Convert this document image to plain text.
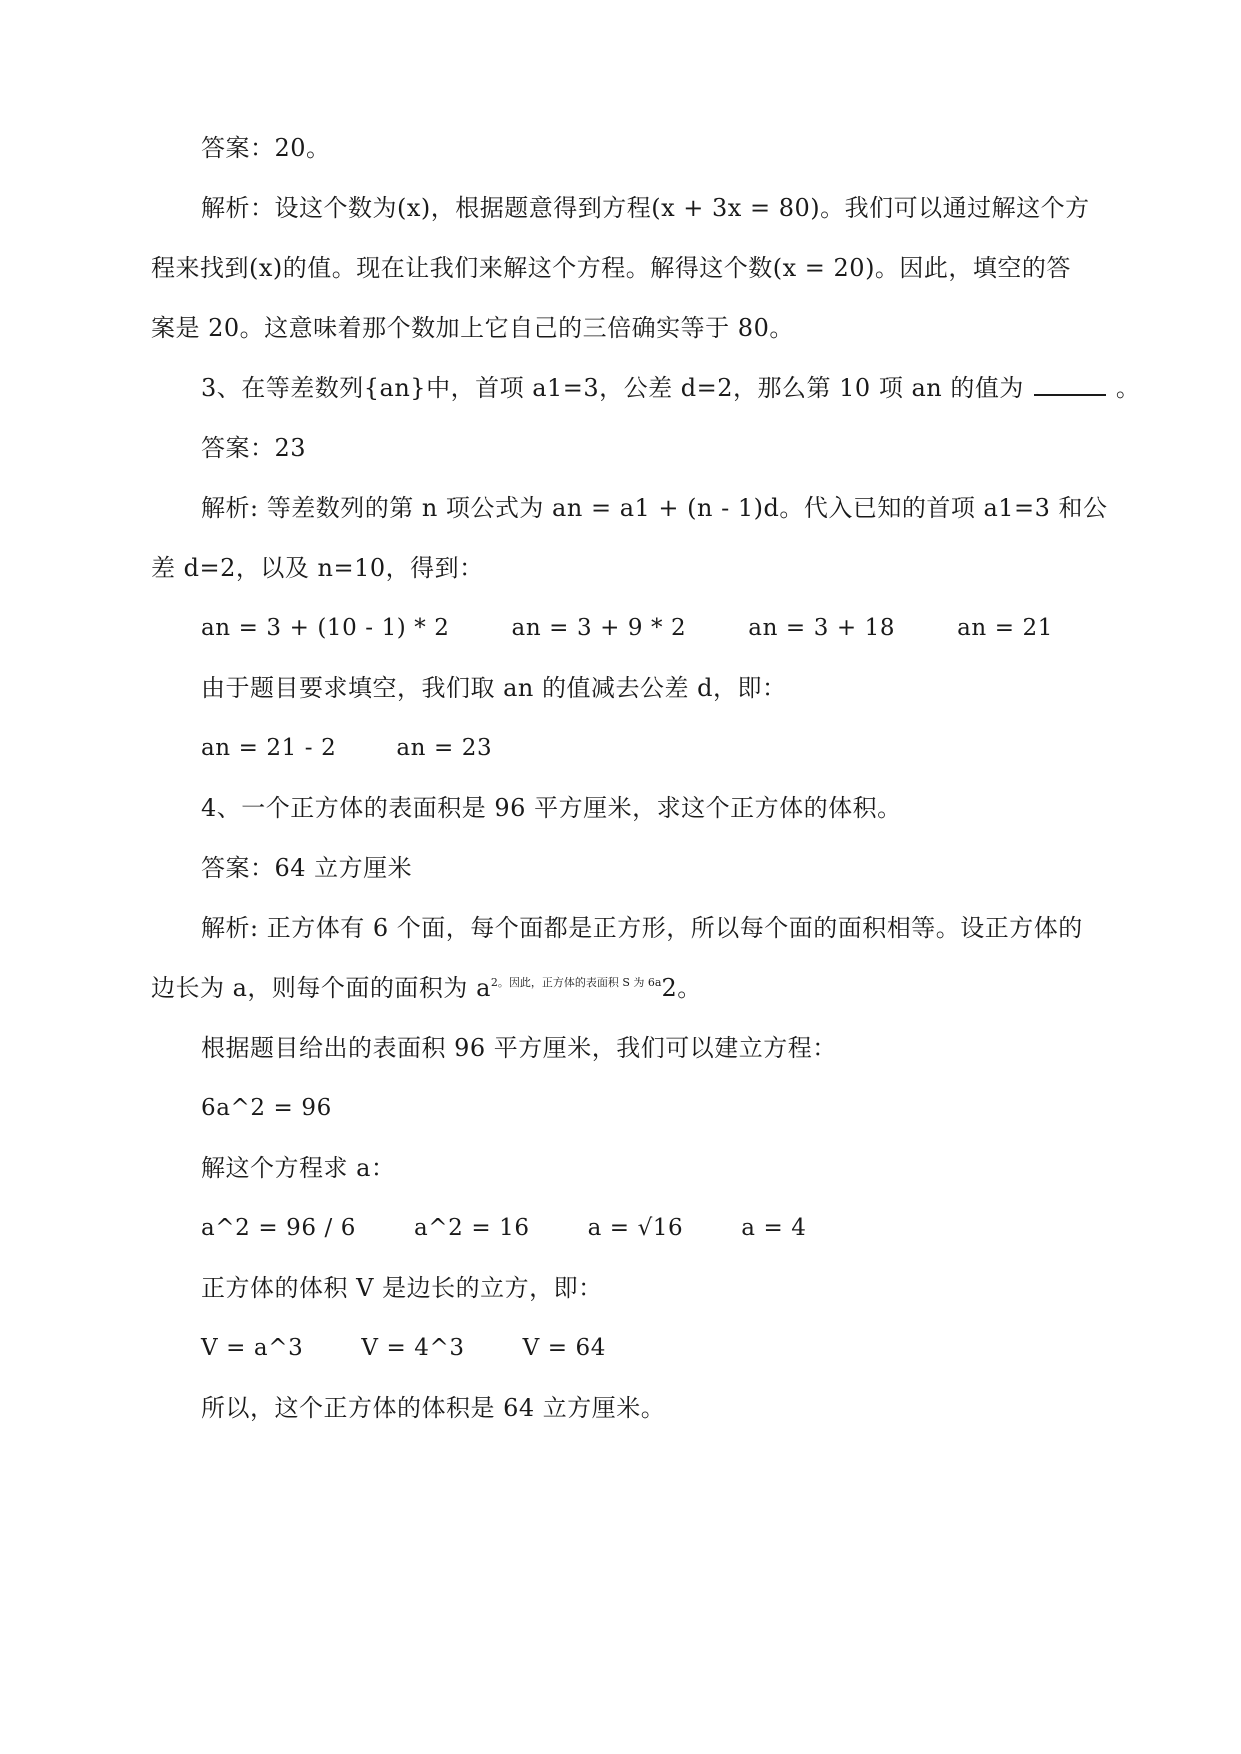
答案：20。
解析：设这个数为(x)，根据题意得到方程(x + 3x = 80)。我们可以通过解这个方
程来找到(x)的值。现在让我们来解这个方程。解得这个数(x = 20)。因此，填空的答
案是 20。这意味着那个数加上它自己的三倍确实等于 80。
3、在等差数列{an}中，首项 a1=3，公差 d=2，那么第 10 项 an 的值为	。
答案：23
解析: 等差数列的第 n 项公式为 an = a1 + (n - 1)d。代入已知的首项 a1=3 和公
差 d=2，以及 n=10，得到：
an = 3 + (10 - 1) * 2	an = 3 + 9 * 2	an = 3 + 18	an = 21
由于题目要求填空，我们取 an 的值减去公差 d，即：
an = 21 - 2	an = 23
4、一个正方体的表面积是 96 平方厘米，求这个正方体的体积。
答案：64 立方厘米
解析: 正方体有 6 个面，每个面都是正方形，所以每个面的面积相等。设正方体的
边长为 a，则每个面的面积为 $a^{2。因此,正方体的表面积 S 为 6a}2$。
根据题目给出的表面积 96 平方厘米，我们可以建立方程：
6a^2 = 96
解这个方程求 a：
a^2 = 96 / 6	a^2 = 16	a = √16	a = 4
正方体的体积 V 是边长的立方，即：
V = a^3	V = 4^3	V = 64
所以，这个正方体的体积是 64 立方厘米。
